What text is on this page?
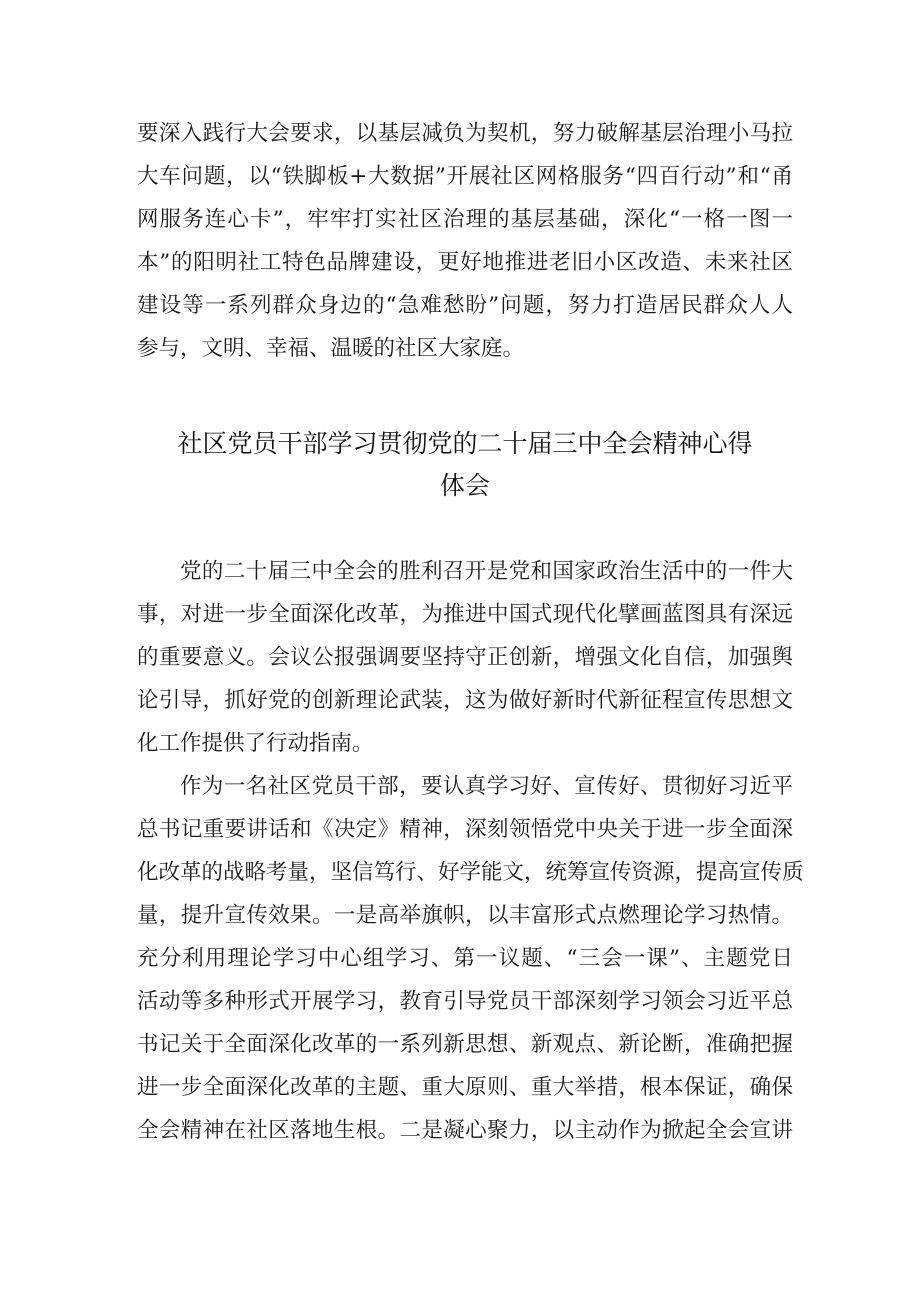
要深入践行大会要求，以基层减负为契机，努力破解基层治理小马拉
大车问题，以“铁脚板+大数据”开展社区网格服务“四百行动”和“甬
网服务连心卡”，牢牢打实社区治理的基层基础，深化“一格一图一
本”的阳明社工特色品牌建设，更好地推进老旧小区改造、未来社区
建设等一系列群众身边的“急难愁盼”问题，努力打造居民群众人人
参与，文明、幸福、温暖的社区大家庭。
社区党员干部学习贯彻党的二十届三中全会精神心得
体会
党的二十届三中全会的胜利召开是党和国家政治生活中的一件大
事，对进一步全面深化改革，为推进中国式现代化擘画蓝图具有深远
的重要意义。会议公报强调要坚持守正创新，增强文化自信，加强舆
论引导，抓好党的创新理论武装，这为做好新时代新征程宣传思想文
化工作提供了行动指南。
作为一名社区党员干部，要认真学习好、宣传好、贯彻好习近平
总书记重要讲话和《决定》精神，深刻领悟党中央关于进一步全面深
化改革的战略考量，坚信笃行、好学能文，统筹宣传资源，提高宣传质
量，提升宣传效果。一是高举旗帜，以丰富形式点燃理论学习热情。
充分利用理论学习中心组学习、第一议题、“三会一课”、主题党日
活动等多种形式开展学习，教育引导党员干部深刻学习领会习近平总
书记关于全面深化改革的一系列新思想、新观点、新论断，准确把握
进一步全面深化改革的主题、重大原则、重大举措，根本保证，确保
全会精神在社区落地生根。二是凝心聚力，以主动作为掀起全会宣讲
